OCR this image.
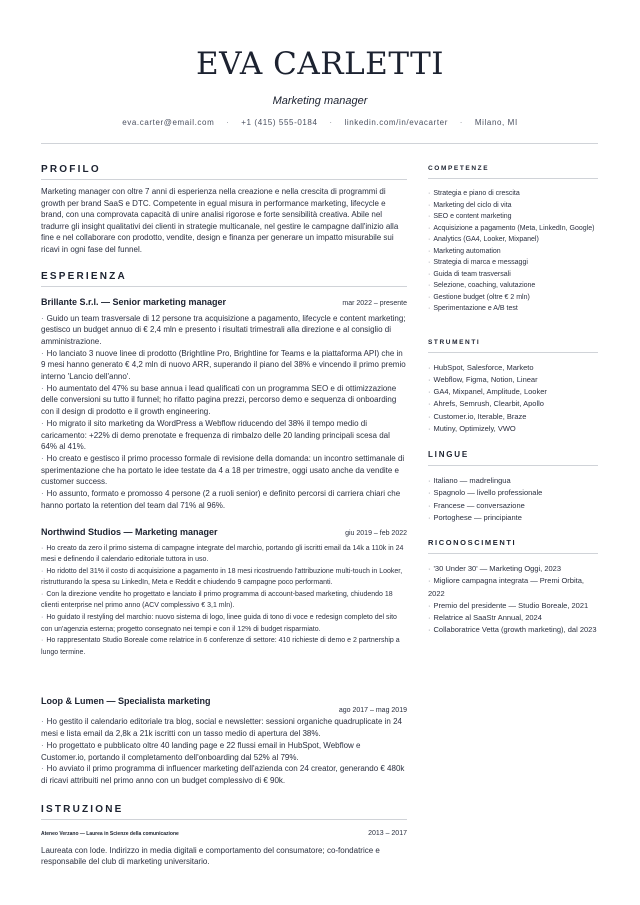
EVA CARLETTI
Marketing manager
eva.carter@email.com · +1 (415) 555-0184 · linkedin.com/in/evacarter · Milano, MI
PROFILO

Marketing manager con oltre 7 anni di esperienza nella creazione e nella crescita di programmi di growth per brand SaaS e DTC. Competente in egual misura in performance marketing, lifecycle e brand, con una comprovata capacità di unire analisi rigorose e forte sensibilità creativa. Abile nel tradurre gli insight qualitativi dei clienti in strategie multicanale, nel gestire le campagne dall'inizio alla fine e nel collaborare con prodotto, vendite, design e finanza per generare un impatto misurabile sui ricavi in ogni fase del funnel.

ESPERIENZA
Brillante S.r.l. — Senior marketing manager	mar 2022 – presente

· Guido un team trasversale di 12 persone tra acquisizione a pagamento, lifecycle e content marketing; gestisco un budget annuo di € 2,4 mln e presento i risultati trimestrali alla direzione e al consiglio di amministrazione.

· Ho lanciato 3 nuove linee di prodotto (Brightline Pro, Brightline for Teams e la piattaforma API) che in 9 mesi hanno generato € 4,2 mln di nuovo ARR, superando il piano del 38% e vincendo il primo premio interno 'Lancio dell'anno'.

· Ho aumentato del 47% su base annua i lead qualificati con un programma SEO e di ottimizzazione delle conversioni su tutto il funnel; ho rifatto pagina prezzi, percorso demo e sequenza di onboarding con il design di prodotto e il growth engineering.

· Ho migrato il sito marketing da WordPress a Webflow riducendo del 38% il tempo medio di caricamento: +22% di demo prenotate e frequenza di rimbalzo delle 20 landing principali scesa dal 64% al 41%.

· Ho creato e gestisco il primo processo formale di revisione della domanda: un incontro settimanale di sperimentazione che ha portato le idee testate da 4 a 18 per trimestre, oggi usato anche da vendite e customer success.

· Ho assunto, formato e promosso 4 persone (2 a ruoli senior) e definito percorsi di carriera chiari che hanno portato la retention del team dal 71% al 96%.

Northwind Studios — Marketing manager	giu 2019 – feb 2022

· Ho creato da zero il primo sistema di campagne integrate del marchio, portando gli iscritti email da 14k a 110k in 24 mesi e definendo il calendario editoriale tuttora in uso.

· Ho ridotto del 31% il costo di acquisizione a pagamento in 18 mesi ricostruendo l'attribuzione multi-touch in Looker, ristrutturando la spesa su LinkedIn, Meta e Reddit e chiudendo 9 campagne poco performanti.

· Con la direzione vendite ho progettato e lanciato il primo programma di account-based marketing, chiudendo 18 clienti enterprise nel primo anno (ACV complessivo € 3,1 mln).

· Ho guidato il restyling del marchio: nuovo sistema di logo, linee guida di tono di voce e redesign completo del sito con un'agenzia esterna; progetto consegnato nei tempi e con il 12% di budget risparmiato.

· Ho rappresentato Studio Boreale come relatrice in 6 conferenze di settore: 410 richieste di demo e 2 partnership a lungo termine.

Loop & Lumen — Specialista marketing
ago 2017 – mag 2019

· Ho gestito il calendario editoriale tra blog, social e newsletter: sessioni organiche quadruplicate in 24 mesi e lista email da 2,8k a 21k iscritti con un tasso medio di apertura del 38%.

· Ho progettato e pubblicato oltre 40 landing page e 22 flussi email in HubSpot, Webflow e Customer.io, portando il completamento dell'onboarding dal 52% al 79%.

· Ho avviato il primo programma di influencer marketing dell'azienda con 24 creator, generando € 480k di ricavi attribuiti nel primo anno con un budget complessivo di € 90k.

ISTRUZIONE
Ateneo Verzano — Laurea in Scienze della comunicazione	2013 – 2017

Laureata con lode. Indirizzo in media digitali e comportamento del consumatore; co-fondatrice e responsabile del club di marketing universitario.

COMPETENZE
· Strategia e piano di crescita
· Marketing del ciclo di vita
· SEO e content marketing
· Acquisizione a pagamento (Meta, LinkedIn, Google)
· Analytics (GA4, Looker, Mixpanel)
· Marketing automation
· Strategia di marca e messaggi
· Guida di team trasversali
· Selezione, coaching, valutazione
· Gestione budget (oltre € 2 mln)
· Sperimentazione e A/B test
STRUMENTI
· HubSpot, Salesforce, Marketo
· Webflow, Figma, Notion, Linear
· GA4, Mixpanel, Amplitude, Looker
· Ahrefs, Semrush, Clearbit, Apollo
· Customer.io, Iterable, Braze
· Mutiny, Optimizely, VWO
LINGUE
· Italiano — madrelingua
· Spagnolo — livello professionale
· Francese — conversazione
· Portoghese — principiante
RICONOSCIMENTI
· '30 Under 30' — Marketing Oggi, 2023
· Migliore campagna integrata — Premi Orbita, 2022
· Premio del presidente — Studio Boreale, 2021
· Relatrice al SaaStr Annual, 2024
· Collaboratrice Vetta (growth marketing), dal 2023
